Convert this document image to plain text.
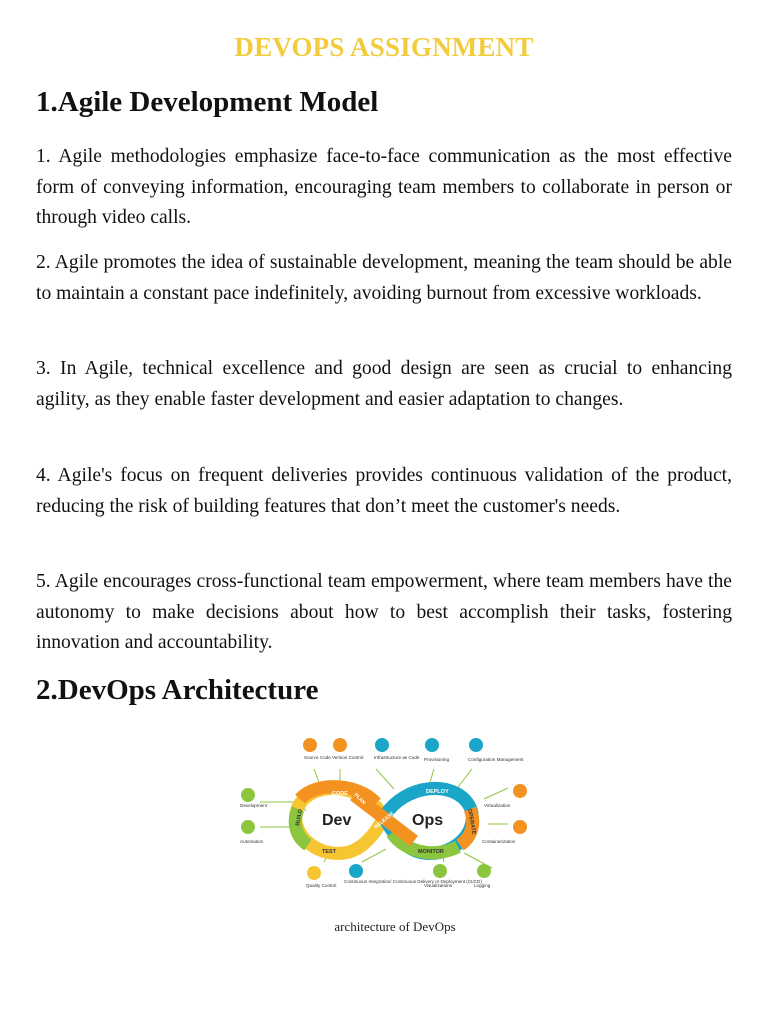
DEVOPS ASSIGNMENT
1.Agile Development Model

1. Agile methodologies emphasize face-to-face communication as the most effective form of conveying information, encouraging team members to collaborate in person or through video calls.

2. Agile promotes the idea of sustainable development, meaning the team should be able to maintain a constant pace indefinitely, avoiding burnout from excessive workloads.

3. In Agile, technical excellence and good design are seen as crucial to enhancing agility, as they enable faster development and easier adaptation to changes.

4. Agile's focus on frequent deliveries provides continuous validation of the product, reducing the risk of building features that don’t meet the customer's needs.

5. Agile encourages cross-functional team empowerment, where team members have the autonomy to make decisions about how to best accomplish their tasks, fostering innovation and accountability.

2.DevOps Architecture
CODE
BUILD
TEST
PLAN
RELEASE
DEPLOY
OPERATE
MONITOR
Dev	Ops
Source Code Version Control Infrastructure as Code Provisioning	Configuration Management
Development
Automation
Virtualization
Containerization
Quality Control
Continuous Integration/ Continuous Delivery or Deployment (CI/CD)
Visualizations	Logging
architecture of DevOps
